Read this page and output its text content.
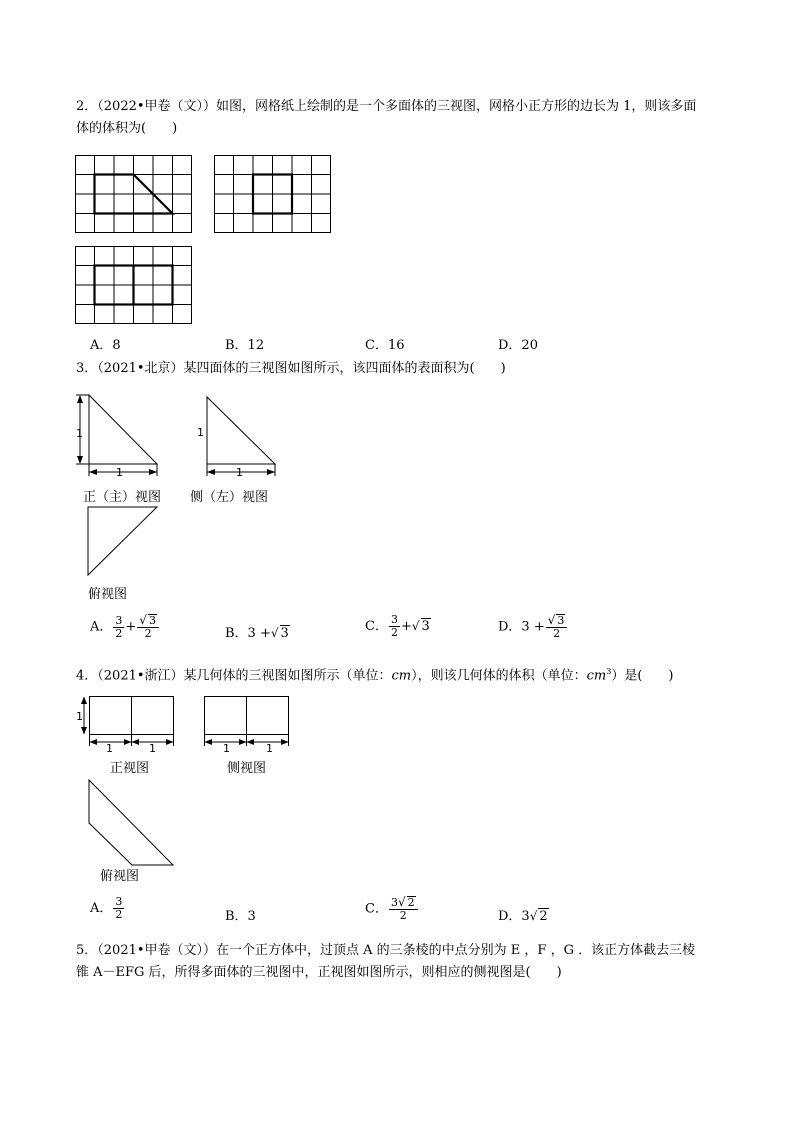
2．（2022•甲卷（文））如图，网格纸上绘制的是一个多面体的三视图，网格小正方形的边长为 1，则该多面
体的体积为(　　)
A．8	B．12	C．16	D．20
3．（2021•北京）某四面体的三视图如图所示，该四面体的表面积为(　　)
1
1
正（主）视图
1
1
侧（左）视图
俯视图
A． $\frac{3}{2} + \frac{√ 3}{2}$	B．3 +√ 3	C． $\frac{3}{2}$ +√ 3	D．$3 + \frac{√ 3}{2}$
4．（2021•浙江）某几何体的三视图如图所示（单位：cm），则该几何体的体积（单位：$cm^3$）是(　　)
1
1	1
正视图
1	1
侧视图
俯视图
A． $\frac{3}{2}$	B．3	C． $\frac{3√ 2}{2}$	D．3√ 2
5．（2021•甲卷（文））在一个正方体中，过顶点 A 的三条棱的中点分别为 E ，F ，G ．该正方体截去三棱
锥 A－EFG 后，所得多面体的三视图中，正视图如图所示，则相应的侧视图是(　　)
